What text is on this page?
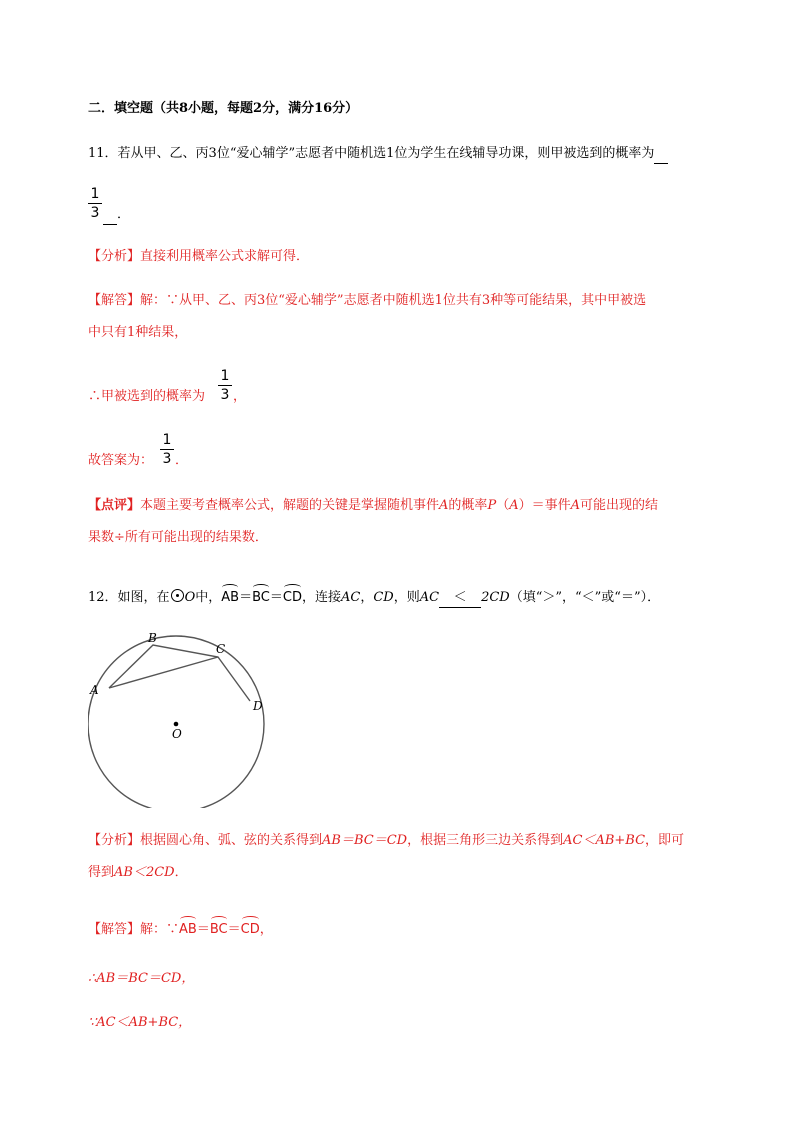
二．填空题（共8小题，每题2分，满分16分）
11．若从甲、乙、丙3位“爱心辅学”志愿者中随机选1位为学生在线辅导功课，则甲被选到的概率为
$\frac{1}{3}$	．
【分析】直接利用概率公式求解可得．
【解答】解：∵从甲、乙、丙3位“爱心辅学”志愿者中随机选1位共有3种等可能结果，其中甲被选
中只有1种结果，
∴甲被选到的概率为 $\frac{1}{3}$ ，
故答案为： $\frac{1}{3}$ ．
【点评】本题主要考查概率公式，解题的关键是掌握随机事件A的概率P（A）＝事件A可能出现的结
果数÷所有可能出现的结果数．
12．如图，在 O中，AB＝BC＝CD，连接AC，CD，则AC ＜ 2CD（填“＞”，“＜”或“＝”）．
A
B
C
D
O
【分析】根据圆心角、弧、弦的关系得到AB＝BC＝CD，根据三角形三边关系得到AC＜AB+BC，即可
得到AB＜2CD．
【解答】解：∵AB＝BC＝CD，
∴AB＝BC＝CD，
∵AC＜AB+BC，
